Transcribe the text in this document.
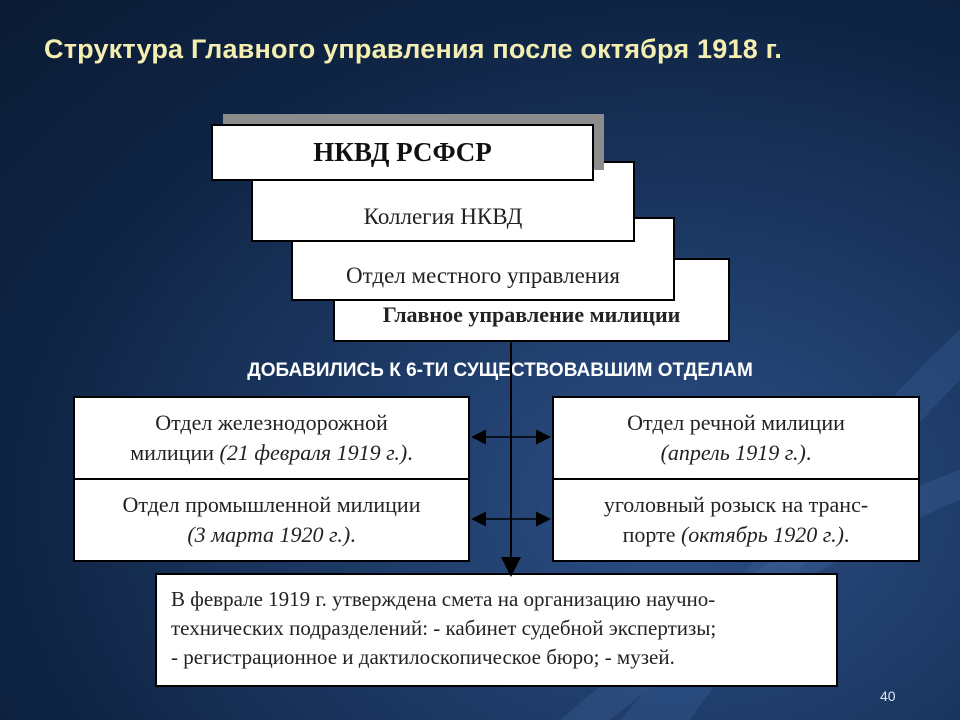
Структура Главного управления после октября 1918 г.
НКВД РСФСР
Коллегия НКВД
Отдел местного управления
Главное управление милиции
ДОБАВИЛИСЬ К 6-ТИ СУЩЕСТВОВАВШИМ ОТДЕЛАМ
Отдел железнодорожной
милиции (21 февраля 1919 г.).
Отдел промышленной милиции
(3 марта 1920 г.).
Отдел речной милиции
(апрель 1919 г.).
уголовный розыск на транс-
порте (октябрь 1920 г.).
В феврале 1919 г. утверждена смета на организацию научно-
технических подразделений: - кабинет судебной экспертизы;
- регистрационное и дактилоскопическое бюро; - музей.
40
